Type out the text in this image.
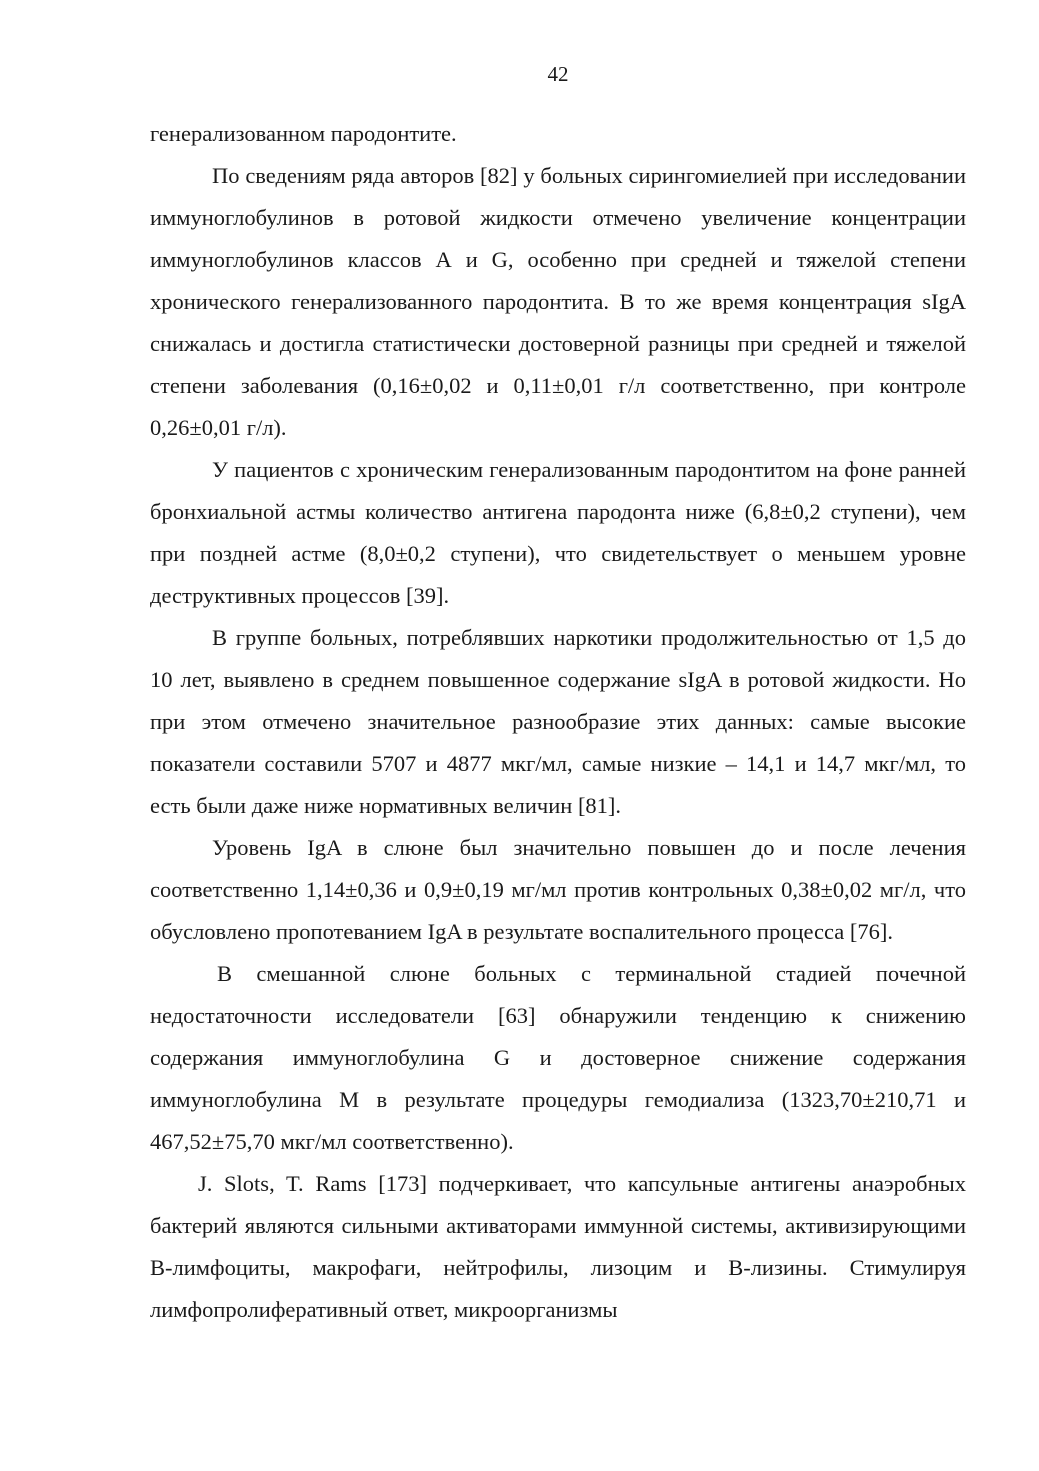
42

генерализованном пародонтите.

По сведениям ряда авторов [82] у больных сирингомиелией при исследовании иммуноглобулинов в ротовой жидкости отмечено увеличение концентрации иммуноглобулинов классов А и G, особенно при средней и тяжелой степени хронического генерализованного пародонтита. В то же время концентрация sIgA снижалась и достигла статистически достоверной разницы при средней и тяжелой степени заболевания (0,16±0,02 и 0,11±0,01 г/л соответственно, при контроле 0,26±0,01 г/л).

У пациентов с хроническим генерализованным пародонтитом на фоне ранней бронхиальной астмы количество антигена пародонта ниже (6,8±0,2 ступени), чем при поздней астме (8,0±0,2 ступени), что свидетельствует о меньшем уровне деструктивных процессов [39].

В группе больных, потреблявших наркотики продолжительностью от 1,5 до 10 лет, выявлено в среднем повышенное содержание sIgA в ротовой жидкости. Но при этом отмечено значительное разнообразие этих данных: самые высокие показатели составили 5707 и 4877 мкг/мл, самые низкие – 14,1 и 14,7 мкг/мл, то есть были даже ниже нормативных величин [81].

Уровень IgA в слюне был значительно повышен до и после лечения соответственно 1,14±0,36 и 0,9±0,19 мг/мл против контрольных 0,38±0,02 мг/л, что обусловлено пропотеванием IgA в результате воспалительного процесса [76].

В смешанной слюне больных с терминальной стадией почечной недостаточности исследователи [63] обнаружили тенденцию к снижению содержания иммуноглобулина G и достоверное снижение содержания иммуноглобулина М в результате процедуры гемодиализа (1323,70±210,71 и 467,52±75,70 мкг/мл соответственно).

J. Slots, T. Rams [173] подчеркивает, что капсульные антигены анаэробных бактерий являются сильными активаторами иммунной системы, активизирующими В-лимфоциты, макрофаги, нейтрофилы, лизоцим и В-лизины. Стимулируя лимфопролиферативный ответ, микроорганизмы
